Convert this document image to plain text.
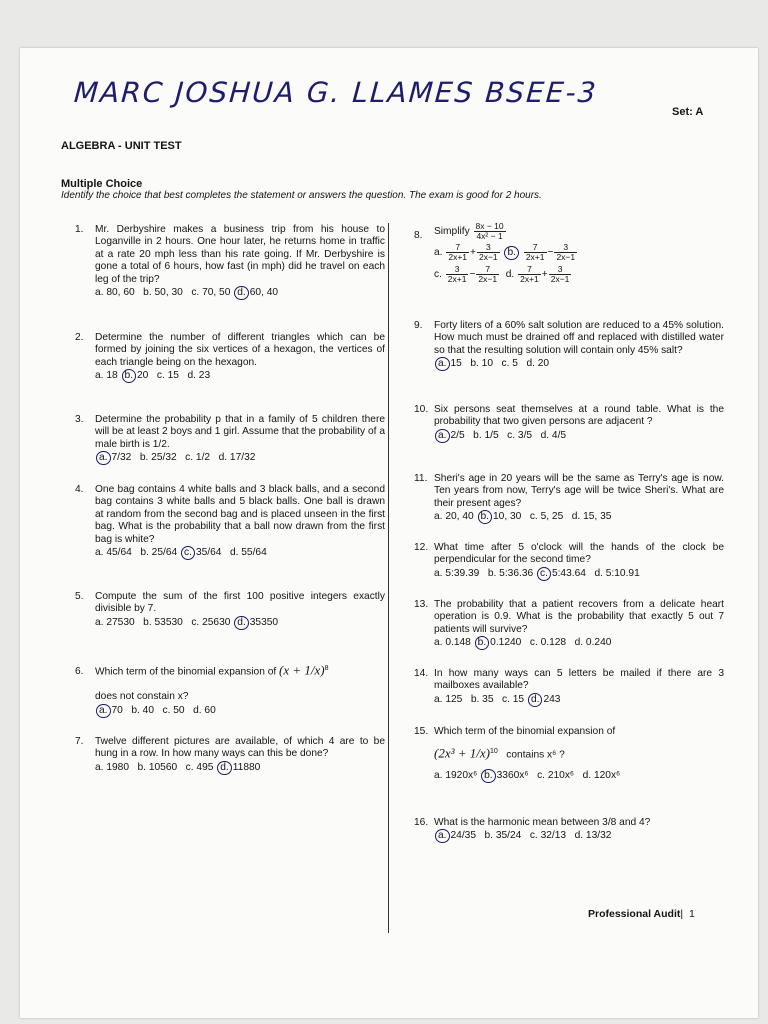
MARC JOSHUA G. LLAMES BSEE-3
Set: A
ALGEBRA - UNIT TEST
Multiple Choice
Identify the choice that best completes the statement or answers the question. The exam is good for 2 hours.
1. Mr. Derbyshire makes a business trip from his house to Loganville in 2 hours. One hour later, he returns home in traffic at a rate 20 mph less than his rate going. If Mr. Derbyshire is gone a total of 6 hours, how fast (in mph) did he travel on each leg of the trip?
a. 80, 60 b. 50, 30 c. 70, 50 d. 60, 40
2. Determine the number of different triangles which can be formed by joining the six vertices of a hexagon, the vertices of each triangle being on the hexagon.
a. 18 b. 20 c. 15 d. 23
3. Determine the probability p that in a family of 5 children there will be at least 2 boys and 1 girl. Assume that the probability of a male birth is 1/2.
a. 7/32 b. 25/32 c. 1/2 d. 17/32
4. One bag contains 4 white balls and 3 black balls, and a second bag contains 3 white balls and 5 black balls. One ball is drawn at random from the second bag and is placed unseen in the first bag. What is the probability that a ball now drawn from the first bag is white?
a. 45/64 b. 25/64 c. 35/64 d. 55/64
5. Compute the sum of the first 100 positive integers exactly divisible by 7.
a. 27530 b. 53530 c. 25630 d. 35350
6. Which term of the binomial expansion of $(x + 1/x)^8$
does not constain x?
a. 70 b. 40 c. 50 d. 60
7. Twelve different pictures are available, of which 4 are to be hung in a row. In how many ways can this be done?
a. 1980 b. 10560 c. 495 d. 11880
8. Simplify $\frac{8x - 10}{\text{4x² − 1}}$
a. $\frac{7}{2x+1} + \frac{3}{2x-1} b$. $\frac{7}{2x+1} - \frac{3}{2x-1}$
c. $\frac{3}{2x+1} - \frac{7}{2x-1} d$. $\frac{7}{2x+1} + \frac{3}{2x-1}$
9. Forty liters of a 60% salt solution are reduced to a 45% solution. How much must be drained off and replaced with distilled water so that the resulting solution will contain only 45% salt?
a. 15 b. 10 c. 5 d. 20
10. Six persons seat themselves at a round table. What is the probability that two given persons are adjacent ?
a. 2/5 b. 1/5 c. 3/5 d. 4/5
11. Sheri's age in 20 years will be the same as Terry's age is now. Ten years from now, Terry's age will be twice Sheri's. What are their present ages?
a. 20, 40 b. 10, 30 c. 5, 25 d. 15, 35
12. What time after 5 o'clock will the hands of the clock be perpendicular for the second time?
a. 5:39.39 b. 5:36.36 c. 5:43.64 d. 5:10.91
13. The probability that a patient recovers from a delicate heart operation is 0.9. What is the probability that exactly 5 out 7 patients will survive?
a. 0.148 b. 0.1240 c. 0.128 d. 0.240
14. In how many ways can 5 letters be mailed if there are 3 mailboxes available?
a. 125 b. 35 c. 15 d. 243
15. Which term of the binomial expansion of
$(2x^3 + 1/x)^{10}$ contains x⁶ ?
a. 1920x⁶ b. 3360x⁶ c. 210x⁶ d. 120x⁶
16. What is the harmonic mean between 3/8 and 4?
a. 24/35 b. 35/24 c. 32/13 d. 13/32
Professional Audit| 1
